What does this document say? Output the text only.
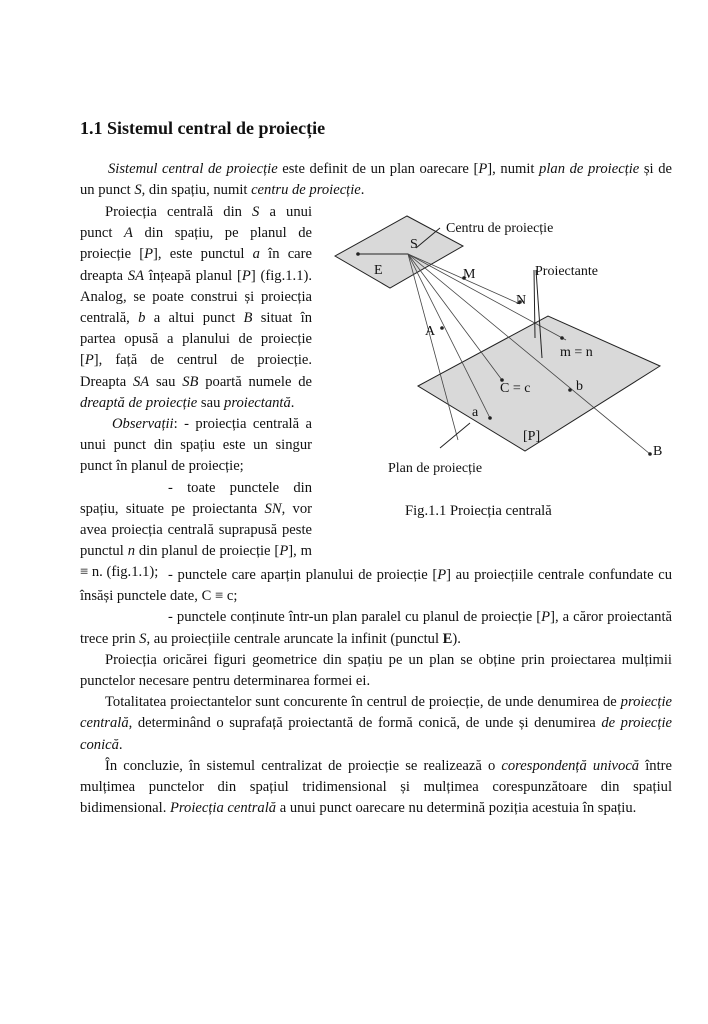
1.1 Sistemul central de proiecție

Sistemul central de proiecție este definit de un plan oarecare [P], numit plan de proiecție și de un punct S, din spațiu, numit centru de proiecție.

Proiecția centrală din S a unui punct A din spațiu, pe planul de proiecție [P], este punctul a în care dreapta SA înțeapă planul [P] (fig.1.1). Analog, se poate construi și proiecția centrală, b a altui punct B situat în partea opusă a planului de proiecție [P], față de centrul de proiecție. Dreapta SA sau SB poartă numele de dreaptă de proiecție sau proiectantă.

Observații: - proiecția centrală a unui punct din spațiu este un singur punct în planul de proiecție;

- toate punctele din spațiu, situate pe proiectanta SN, vor avea proiecția centrală suprapusă peste punctul n din planul de proiecție [P], m ≡ n. (fig.1.1);

S
E
Centru de proiecție
M	Proiectante
N
A
m = n
C = c	b
a
[P]
B
Plan de proiecție
Fig.1.1 Proiecția centrală

- punctele care aparțin planului de proiecție [P] au proiecțiile centrale confundate cu însăși punctele date, C ≡ c;

- punctele conținute într-un plan paralel cu planul de proiecție [P], a căror proiectantă trece prin S, au proiecțiile centrale aruncate la infinit (punctul E).

Proiecția oricărei figuri geometrice din spațiu pe un plan se obține prin proiectarea mulțimii punctelor necesare pentru determinarea formei ei.

Totalitatea proiectantelor sunt concurente în centrul de proiecție, de unde denumirea de proiecție centrală, determinând o suprafață proiectantă de formă conică, de unde și denumirea de proiecție conică.

În concluzie, în sistemul centralizat de proiecție se realizează o corespondență univocă între mulțimea punctelor din spațiul tridimensional și mulțimea corespunzătoare din spațiul bidimensional. Proiecția centrală a unui punct oarecare nu determină poziția acestuia în spațiu.
